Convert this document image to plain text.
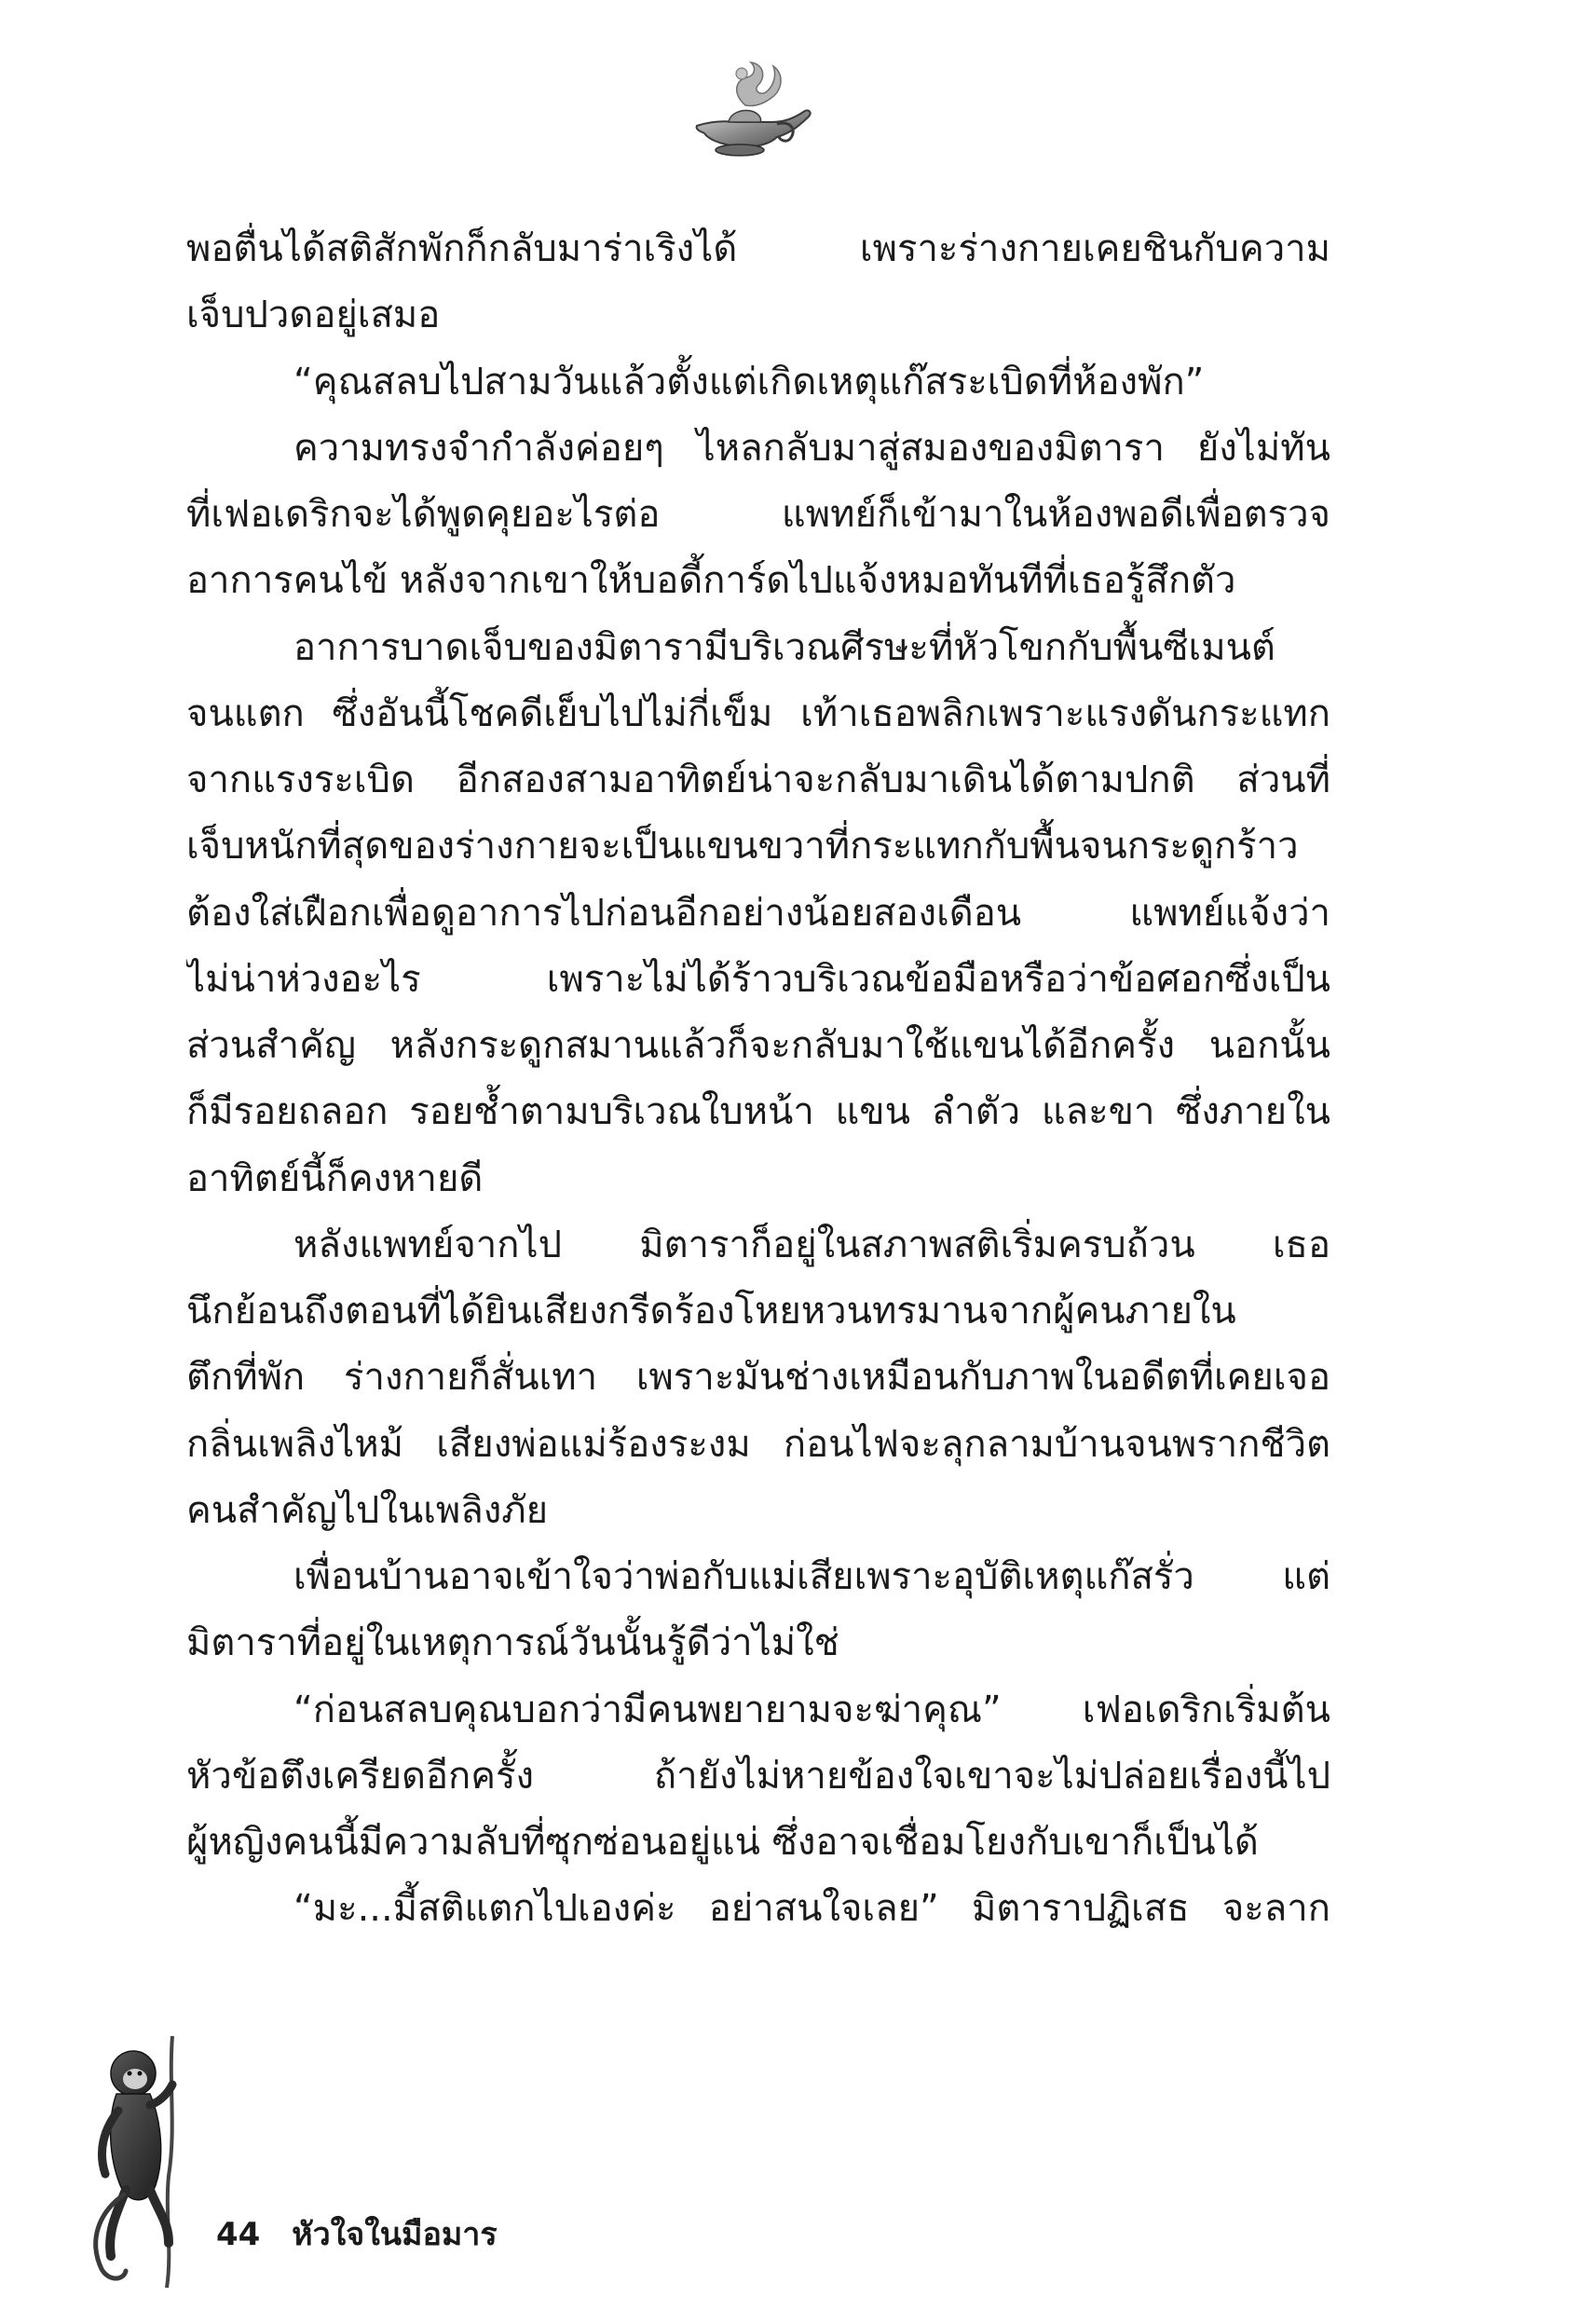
พอตื่นได้สติสักพักก็กลับมาร่าเริงได้ เพราะร่างกายเคยชินกับความ
เจ็บปวดอยู่เสมอ
“คุณสลบไปสามวันแล้วตั้งแต่เกิดเหตุแก๊สระเบิดที่ห้องพัก”
ความทรงจำกำลังค่อยๆ ไหลกลับมาสู่สมองของมิตารา ยังไม่ทัน
ที่เฟอเดริกจะได้พูดคุยอะไรต่อ แพทย์ก็เข้ามาในห้องพอดีเพื่อตรวจ
อาการคนไข้ หลังจากเขาให้บอดี้การ์ดไปแจ้งหมอทันทีที่เธอรู้สึกตัว
อาการบาดเจ็บของมิตารามีบริเวณศีรษะที่หัวโขกกับพื้นซีเมนต์
จนแตก ซึ่งอันนี้โชคดีเย็บไปไม่กี่เข็ม เท้าเธอพลิกเพราะแรงดันกระแทก
จากแรงระเบิด อีกสองสามอาทิตย์น่าจะกลับมาเดินได้ตามปกติ ส่วนที่
เจ็บหนักที่สุดของร่างกายจะเป็นแขนขวาที่กระแทกกับพื้นจนกระดูกร้าว
ต้องใส่เฝือกเพื่อดูอาการไปก่อนอีกอย่างน้อยสองเดือน แพทย์แจ้งว่า
ไม่น่าห่วงอะไร เพราะไม่ได้ร้าวบริเวณข้อมือหรือว่าข้อศอกซึ่งเป็น
ส่วนสำคัญ หลังกระดูกสมานแล้วก็จะกลับมาใช้แขนได้อีกครั้ง นอกนั้น
ก็มีรอยถลอก รอยช้ำตามบริเวณใบหน้า แขน ลำตัว และขา ซึ่งภายใน
อาทิตย์นี้ก็คงหายดี
หลังแพทย์จากไป มิตาราก็อยู่ในสภาพสติเริ่มครบถ้วน เธอ
นึกย้อนถึงตอนที่ได้ยินเสียงกรีดร้องโหยหวนทรมานจากผู้คนภายใน
ตึกที่พัก ร่างกายก็สั่นเทา เพราะมันช่างเหมือนกับภาพในอดีตที่เคยเจอ
กลิ่นเพลิงไหม้ เสียงพ่อแม่ร้องระงม ก่อนไฟจะลุกลามบ้านจนพรากชีวิต
คนสำคัญไปในเพลิงภัย
เพื่อนบ้านอาจเข้าใจว่าพ่อกับแม่เสียเพราะอุบัติเหตุแก๊สรั่ว แต่
มิตาราที่อยู่ในเหตุการณ์วันนั้นรู้ดีว่าไม่ใช่
“ก่อนสลบคุณบอกว่ามีคนพยายามจะฆ่าคุณ” เฟอเดริกเริ่มต้น
หัวข้อตึงเครียดอีกครั้ง ถ้ายังไม่หายข้องใจเขาจะไม่ปล่อยเรื่องนี้ไป
ผู้หญิงคนนี้มีความลับที่ซุกซ่อนอยู่แน่ ซึ่งอาจเชื่อมโยงกับเขาก็เป็นได้
“มะ...มี้สติแตกไปเองค่ะ อย่าสนใจเลย” มิตาราปฏิเสธ จะลาก
44 หัวใจในมือมาร
